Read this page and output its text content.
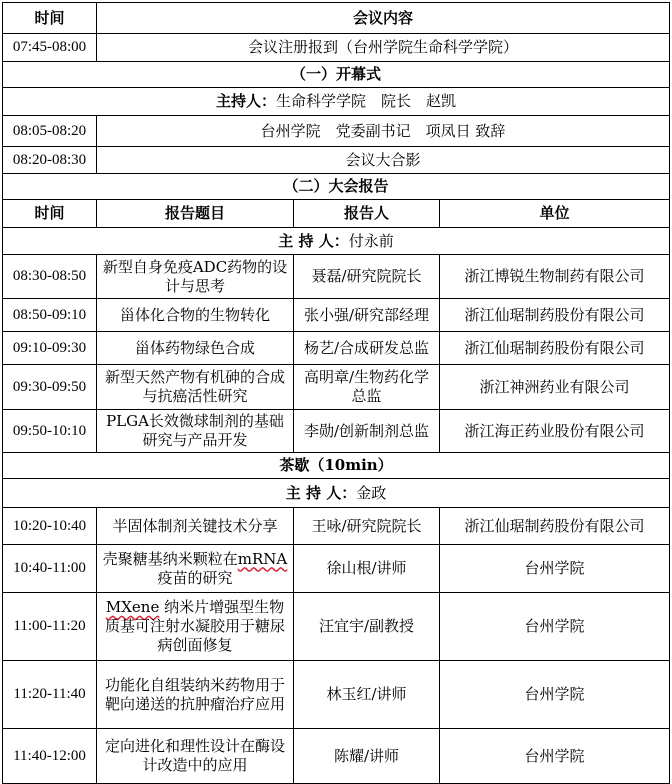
时间	会议内容		
07:45-08:00	会议注册报到（台州学院生命科学学院）		
（一）开幕式			
主持人：生命科学学院　院长　赵凯			
08:05-08:20	台州学院　党委副书记　项凤日 致辞		
08:20-08:30	会议大合影		
（二）大会报告			
时间	报告题目	报告人	单位
主 持 人：付永前			
08:30-08:50	新型自身免疫ADC药物的设计与思考	聂磊/研究院院长	浙江博锐生物制药有限公司
08:50-09:10	甾体化合物的生物转化	张小强/研究部经理	浙江仙琚制药股份有限公司
09:10-09:30	甾体药物绿色合成	杨艺/合成研发总监	浙江仙琚制药股份有限公司
09:30-09:50	新型天然产物有机砷的合成与抗癌活性研究	高明章/生物药化学总监	浙江神洲药业有限公司
09:50-10:10	PLGA长效微球制剂的基础研究与产品开发	李勋/创新制剂总监	浙江海正药业股份有限公司
茶歇（10min）			
主 持 人：金政			
10:20-10:40	半固体制剂关键技术分享	王咏/研究院院长	浙江仙琚制药股份有限公司
10:40-11:00	壳聚糖基纳米颗粒在mRNA疫苗的研究	徐山根/讲师	台州学院
11:00-11:20	MXene 纳米片增强型生物质基可注射水凝胶用于糖尿病创面修复	汪宜宇/副教授	台州学院
11:20-11:40	功能化自组装纳米药物用于靶向递送的抗肿瘤治疗应用	林玉红/讲师	台州学院
11:40-12:00	定向进化和理性设计在酶设计改造中的应用	陈耀/讲师	台州学院
